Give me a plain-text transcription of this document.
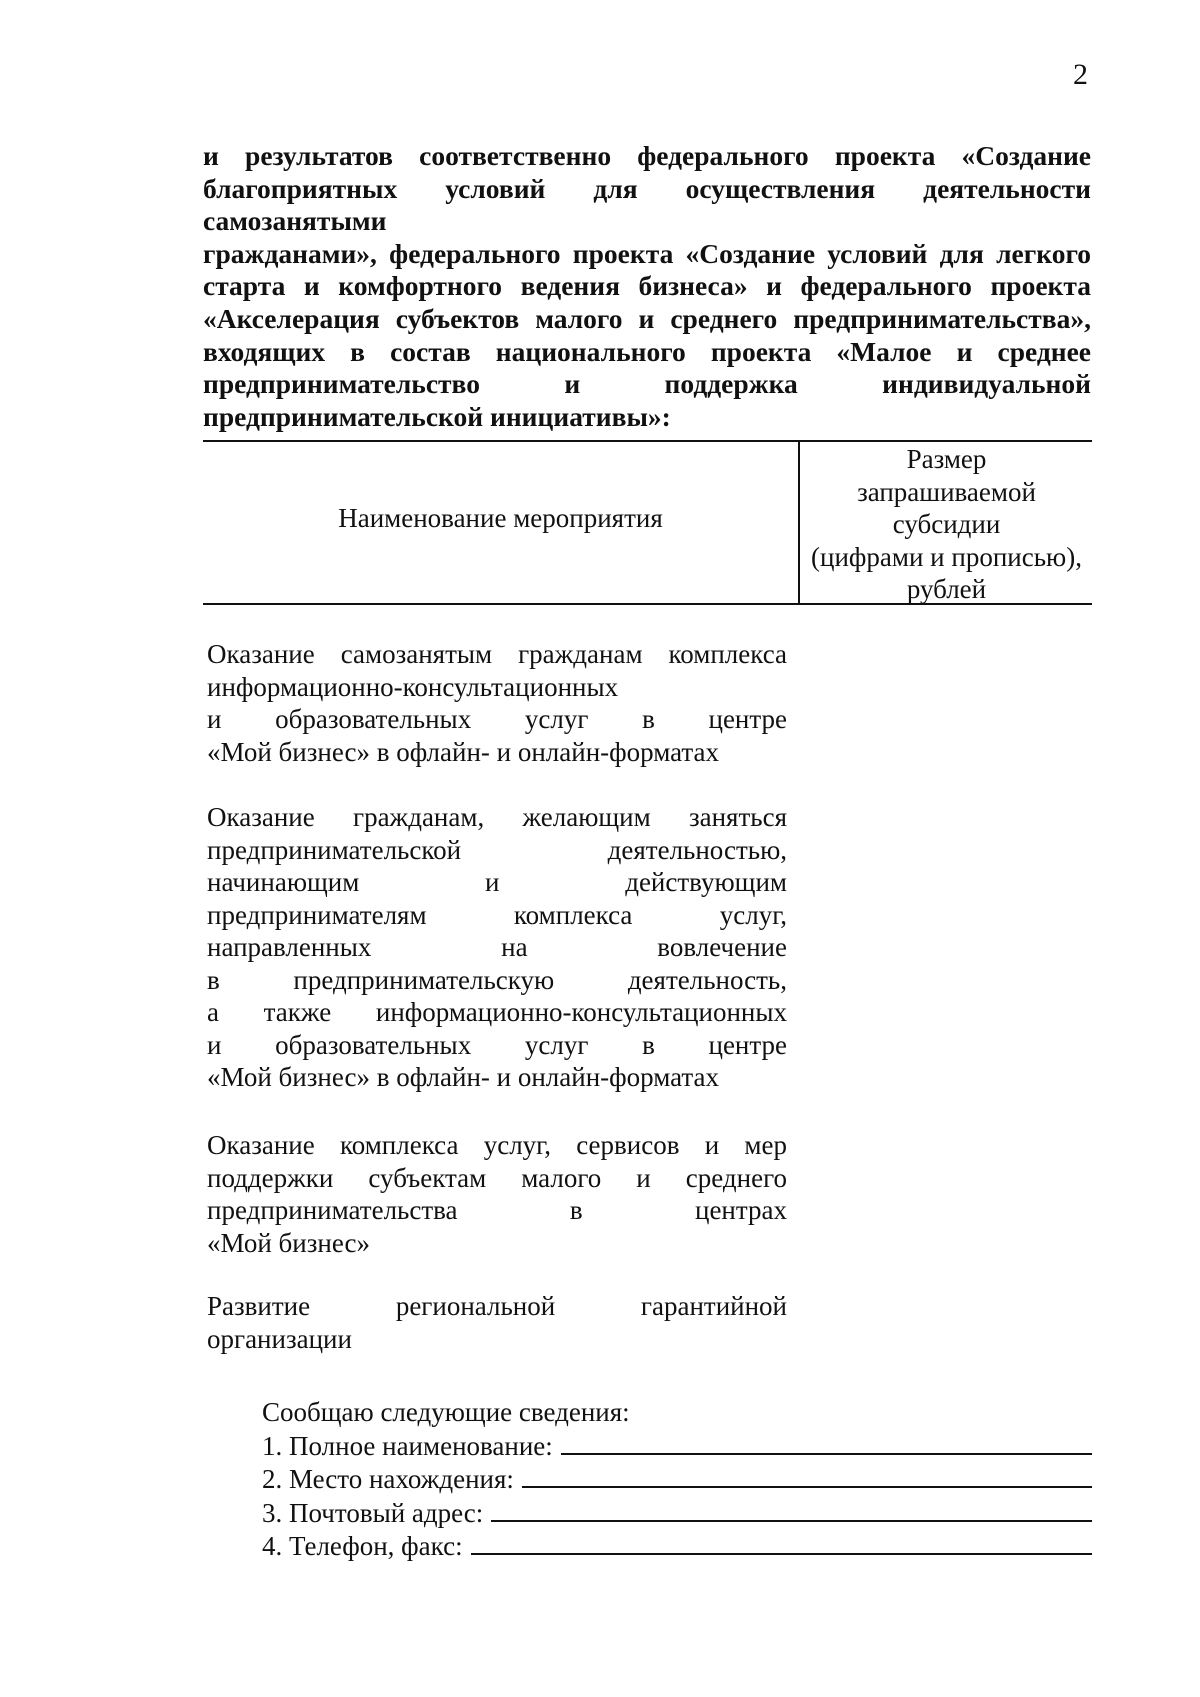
2
и результатов соответственно федерального проекта «Создание
благоприятных условий для осуществления деятельности самозанятыми
гражданами», федерального проекта «Создание условий для легкого
старта и комфортного ведения бизнеса» и федерального проекта
«Акселерация субъектов малого и среднего предпринимательства»,
входящих в состав национального проекта «Малое и среднее
предпринимательство и поддержка индивидуальной
предпринимательской инициативы»:
Наименование мероприятия
Размер
запрашиваемой
субсидии
(цифрами и прописью),
рублей
Оказание самозанятым гражданам комплекса
информационно-консультационных
и образовательных услуг в центре
«Мой бизнес» в офлайн- и онлайн-форматах
Оказание гражданам, желающим заняться
предпринимательской деятельностью,
начинающим и действующим
предпринимателям комплекса услуг,
направленных на вовлечение
в предпринимательскую деятельность,
а также информационно-консультационных
и образовательных услуг в центре
«Мой бизнес» в офлайн- и онлайн-форматах
Оказание комплекса услуг, сервисов и мер
поддержки субъектам малого и среднего
предпринимательства в центрах
«Мой бизнес»
Развитие региональной гарантийной
организации
Сообщаю следующие сведения:
1. Полное наименование:
2. Место нахождения:
3. Почтовый адрес:
4. Телефон, факс:
